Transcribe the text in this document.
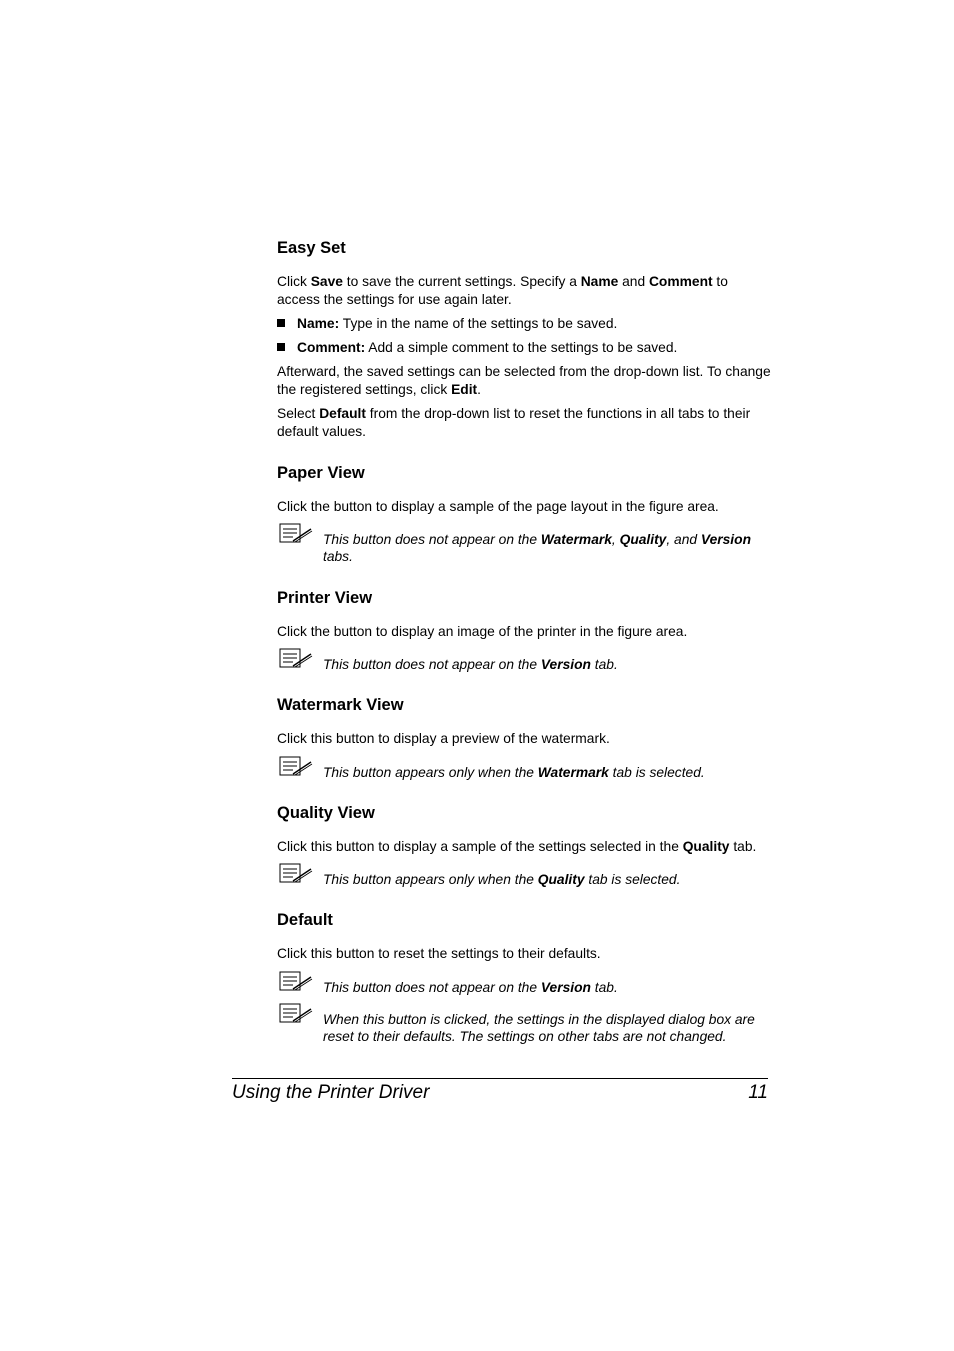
Easy Set

Click Save to save the current settings. Specify a Name and Comment to access the settings for use again later.

Name: Type in the name of the settings to be saved.
Comment: Add a simple comment to the settings to be saved.

Afterward, the saved settings can be selected from the drop-down list. To change the registered settings, click Edit.

Select Default from the drop-down list to reset the functions in all tabs to their default values.

Paper View

Click the button to display a sample of the page layout in the figure area.

This button does not appear on the Watermark, Quality, and Version tabs.
Printer View

Click the button to display an image of the printer in the figure area.

This button does not appear on the Version tab.
Watermark View

Click this button to display a preview of the watermark.

This button appears only when the Watermark tab is selected.
Quality View

Click this button to display a sample of the settings selected in the Quality tab.

This button appears only when the Quality tab is selected.
Default

Click this button to reset the settings to their defaults.

This button does not appear on the Version tab.
When this button is clicked, the settings in the displayed dialog box are reset to their defaults. The settings on other tabs are not changed.
Using the Printer Driver	11
